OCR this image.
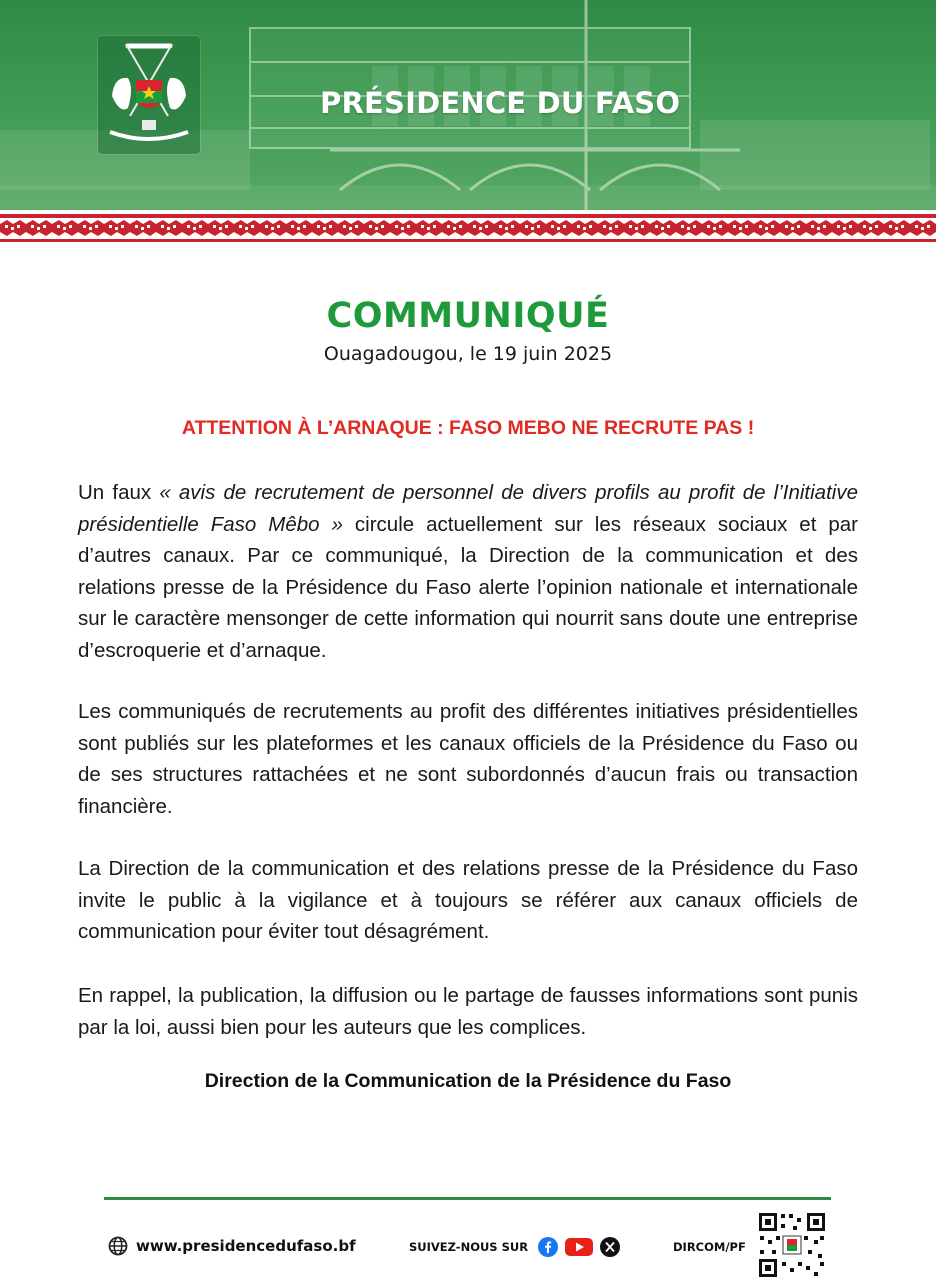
PRÉSIDENCE DU FASO
COMMUNIQUÉ
Ouagadougou, le 19 juin 2025
ATTENTION À L’ARNAQUE : FASO MEBO NE RECRUTE PAS !

Un faux « avis de recrutement de personnel de divers profils au profit de l’Initiative présidentielle Faso Mêbo » circule actuellement sur les réseaux sociaux et par d’autres canaux. Par ce communiqué, la Direction de la communication et des relations presse de la Présidence du Faso alerte l’opinion nationale et internationale sur le caractère mensonger de cette information qui nourrit sans doute une entreprise d’escroquerie et d’arnaque.

Les communiqués de recrutements au profit des différentes initiatives présidentielles sont publiés sur les plateformes et les canaux officiels de la Présidence du Faso ou de ses structures rattachées et ne sont subordonnés d’aucun frais ou transaction financière.

La Direction de la communication et des relations presse de la Présidence du Faso invite le public à la vigilance et à toujours se référer aux canaux officiels de communication pour éviter tout désagrément.

En rappel, la publication, la diffusion ou le partage de fausses informations sont punis par la loi, aussi bien pour les auteurs que les complices.

Direction de la Communication de la Présidence du Faso
www.presidencedufaso.bf	SUIVEZ-NOUS SUR	DIRCOM/PF
